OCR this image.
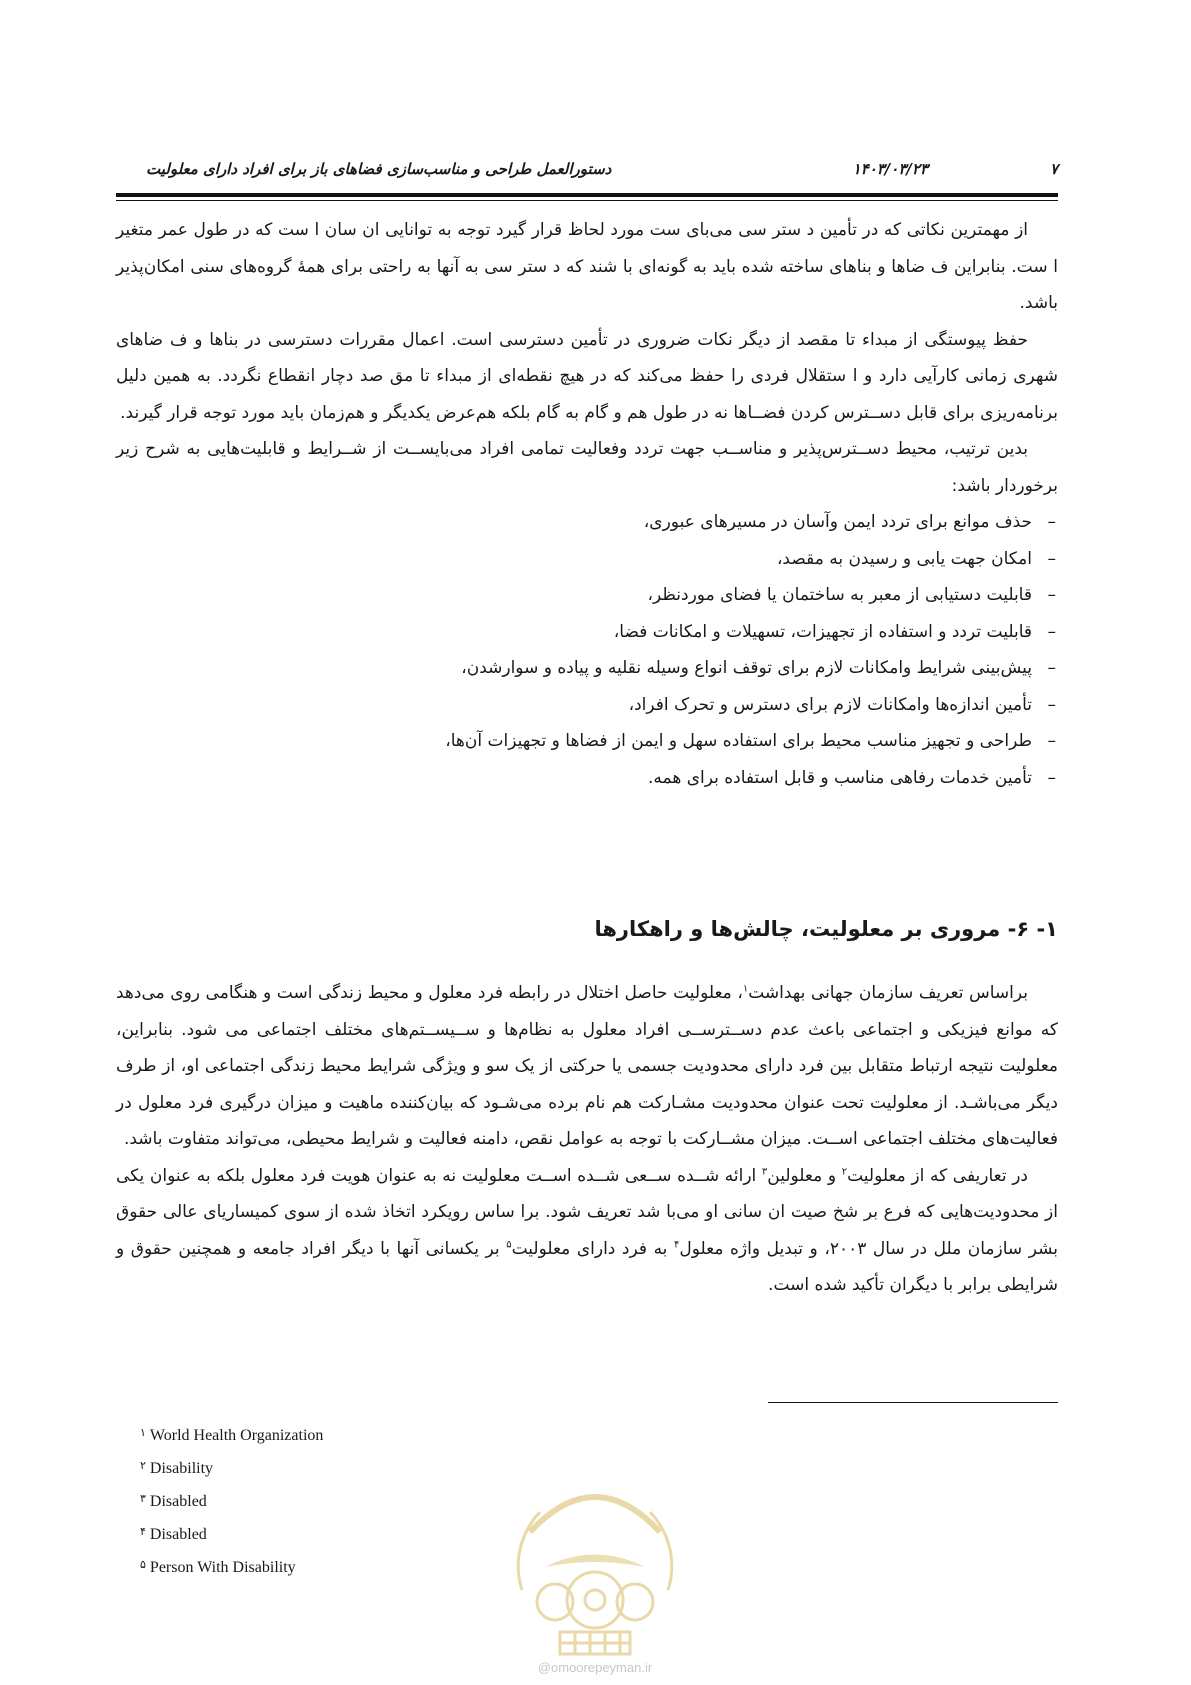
۷
۱۴۰۳/۰۳/۲۳
دستورالعمل طراحی و مناسب‌سازی فضاهای باز برای افراد دارای معلولیت

از مهمترین نکاتی که در تأمین د ستر سی می‌بای ست مورد لحاظ قرار گیرد توجه به توانایی ان سان ا ست که در طول عمر متغیر ا ست. بنابراین ف ضاها و بناهای ساخته شده باید به گونه‌ای با شند که د ستر سی به آنها به راحتی برای همهٔ گروه‌های سنی امکان‌پذیر باشد.

حفظ پیوستگی از مبداء تا مقصد از دیگر نکات ضروری در تأمین دسترسی است. اعمال مقررات دسترسی در بناها و ف ضاهای شهری زمانی کارآیی دارد و ا ستقلال فردی را حفظ می‌کند که در هیچ نقطه‌ای از مبداء تا مق صد دچار انقطاع نگردد. به همین دلیل برنامه‌ریزی برای قابل دســترس کردن فضــاها نه در طول هم و گام به گام بلکه هم‌عرض یکدیگر و هم‌زمان باید مورد توجه قرار گیرند.

بدین ترتیب، محیط دســترس‌پذیر و مناســب جهت تردد وفعالیت تمامی افراد می‌بایســت از شــرایط و قابلیت‌هایی به شرح زیر برخوردار باشد:

– حذف موانع برای تردد ایمن وآسان در مسیرهای عبوری،
– امکان جهت یابی و رسیدن به مقصد،
– قابلیت دستیابی از معبر به ساختمان یا فضای موردنظر،
– قابلیت تردد و استفاده از تجهیزات، تسهیلات و امکانات فضا،
– پیش‌بینی شرایط وامکانات لازم برای توقف انواع وسیله نقلیه و پیاده و سوارشدن،
– تأمین اندازه‌ها وامکانات لازم برای دسترس و تحرک افراد،
– طراحی و تجهیز مناسب محیط برای استفاده سهل و ایمن از فضاها و تجهیزات آن‌ها،
– تأمین خدمات رفاهی مناسب و قابل استفاده برای همه.
۱- ۶- مروری بر معلولیت، چالش‌ها و راهکارها

براساس تعریف سازمان جهانی بهداشت$^۱$، معلولیت حاصل اختلال در رابطه فرد معلول و محیط زندگی است و هنگامی روی می‌دهد که موانع فیزیکی و اجتماعی باعث عدم دســترســی افراد معلول به نظام‌ها و ســیســتم‌های مختلف اجتماعی می شود. بنابراین، معلولیت نتیجه ارتباط متقابل بین فرد دارای محدودیت جسمی یا حرکتی از یک سو و ویژگی شرایط محیط زندگی اجتماعی او، از طرف دیگر می‌باشـد. از معلولیت تحت عنوان محدودیت مشـارکت هم نام برده می‌شـود که بیان‌کننده ماهیت و میزان درگیری فرد معلول در فعالیت‌های مختلف اجتماعی اســت. میزان مشــارکت با توجه به عوامل نقص، دامنه فعالیت و شرایط محیطی، می‌تواند متفاوت باشد.

در تعاریفی که از معلولیت$^۲$ و معلولین$^۳$ ارائه شــده ســعی شــده اســت معلولیت نه به عنوان هویت فرد معلول بلکه به عنوان یکی از محدودیت‌هایی که فرع بر شخ صیت ان سانی او می‌با شد تعریف شود. برا ساس رویکرد اتخاذ شده از سوی کمیساریای عالی حقوق بشر سازمان ملل در سال ۲۰۰۳، و تبدیل واژه معلول$^۴$ به فرد دارای معلولیت$^۵$ بر یکسانی آنها با دیگر افراد جامعه و همچنین حقوق و شرایطی برابر با دیگران تأکید شده است.

$^۱$ World Health Organization
$^۲$ Disability
$^۳$ Disabled
$^۴$ Disabled
$^۵$ Person With Disability
@omoorepeyman.ir
